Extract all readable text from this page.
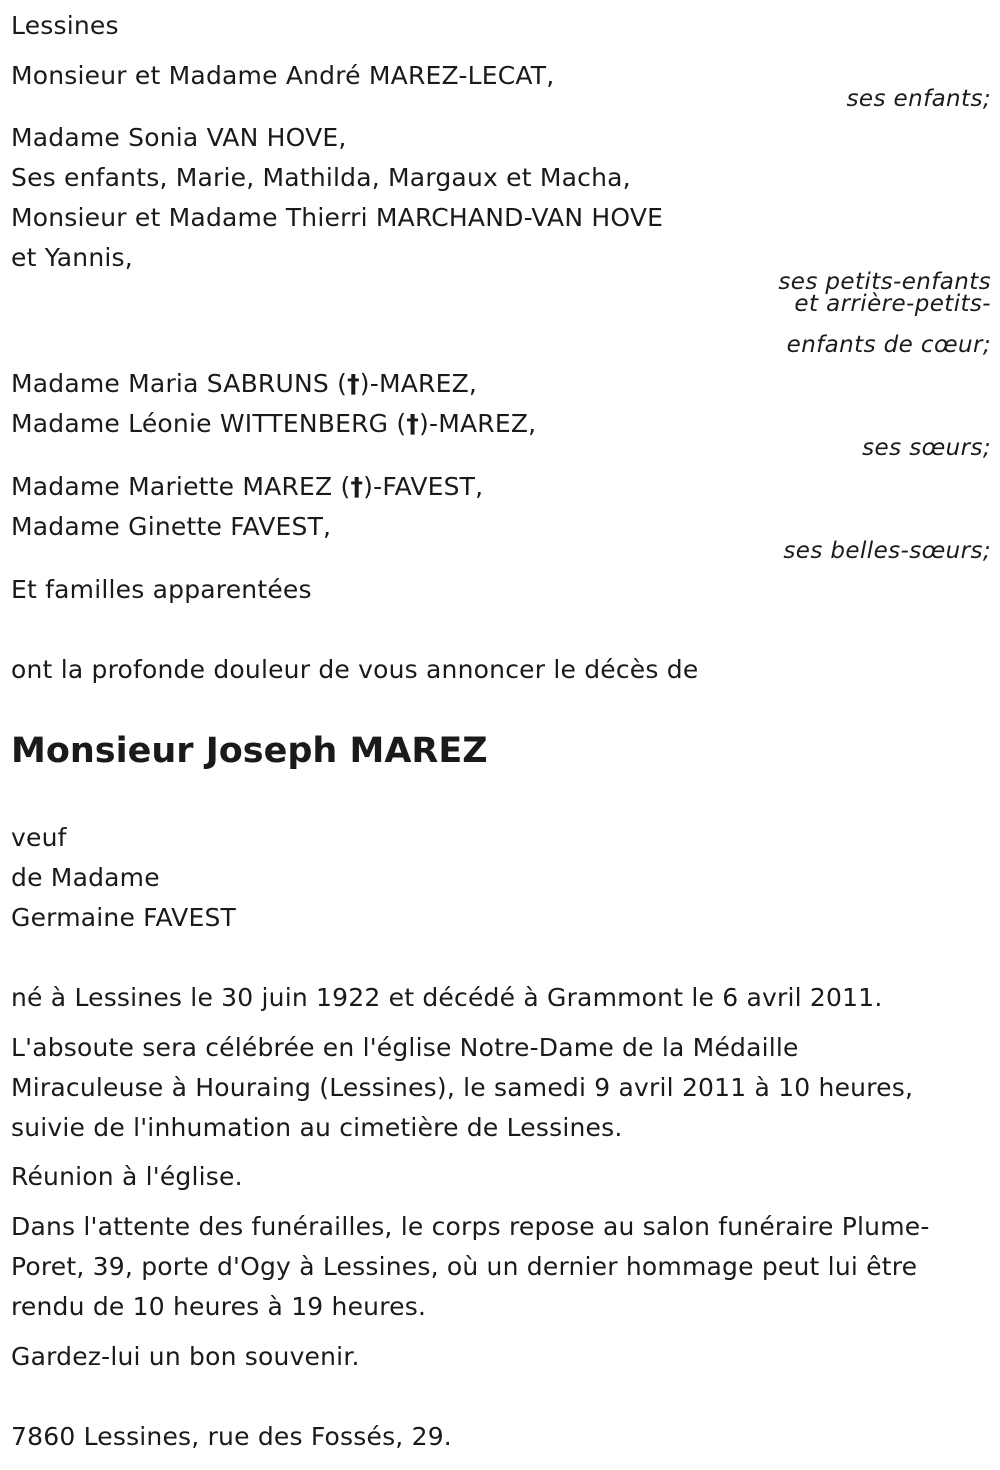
Lessines
Monsieur et Madame André MAREZ-LECAT,
ses enfants;
Madame Sonia VAN HOVE,
Ses enfants, Marie, Mathilda, Margaux et Macha,
Monsieur et Madame Thierri MARCHAND-VAN HOVE
et Yannis,
ses petits-enfants
et arrière-petits-
enfants de cœur;
Madame Maria SABRUNS (†)-MAREZ,
Madame Léonie WITTENBERG (†)-MAREZ,
ses sœurs;
Madame Mariette MAREZ (†)-FAVEST,
Madame Ginette FAVEST,
ses belles-sœurs;
Et familles apparentées
ont la profonde douleur de vous annoncer le décès de
Monsieur Joseph MAREZ
veuf
de Madame
Germaine FAVEST
né à Lessines le 30 juin 1922 et décédé à Grammont le 6 avril 2011.
L'absoute sera célébrée en l'église Notre-Dame de la Médaille
Miraculeuse à Houraing (Lessines), le samedi 9 avril 2011 à 10 heures,
suivie de l'inhumation au cimetière de Lessines.
Réunion à l'église.
Dans l'attente des funérailles, le corps repose au salon funéraire Plume-
Poret, 39, porte d'Ogy à Lessines, où un dernier hommage peut lui être
rendu de 10 heures à 19 heures.
Gardez-lui un bon souvenir.
7860 Lessines, rue des Fossés, 29.
